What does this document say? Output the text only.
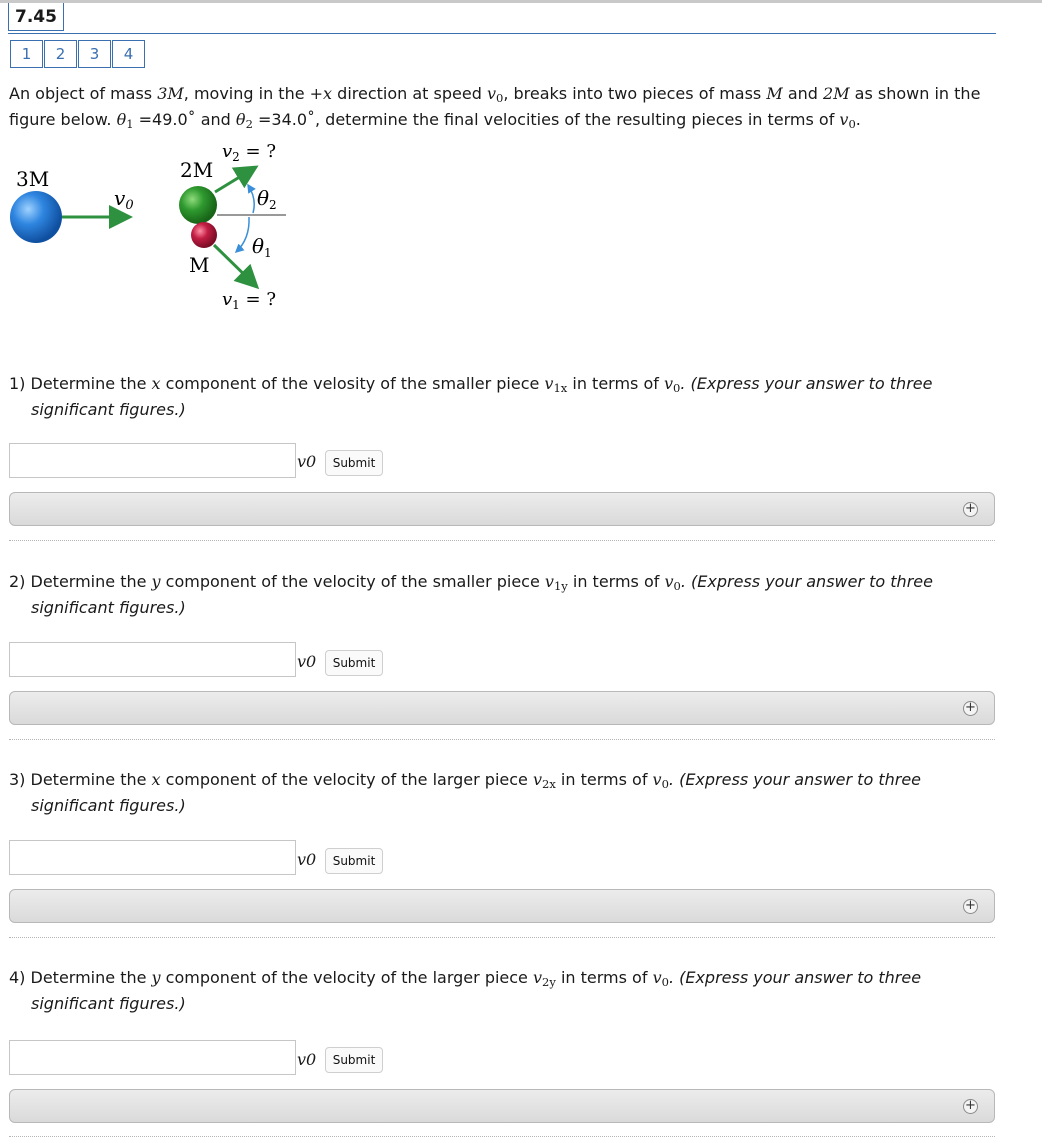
7.45
1	2	3	4
An object of mass 3M, moving in the +x direction at speed $v_0$, breaks into two pieces of mass M and 2M as shown in the figure below. $\theta_1$ =49.0˚ and $\theta_2$ =34.0˚, determine the final velocities of the resulting pieces in terms of $v_0$.
3M
$v_0$
2M
$v_2$ = ?
$\theta_2$
M
$\theta_1$
$v_1$ = ?
1) Determine the x component of the velosity of the smaller piece $v_{1x}$ in terms of $v_0$. (Express your answer to three
significant figures.)
v0	Submit
+
2) Determine the y component of the velocity of the smaller piece $v_{1y}$ in terms of $v_0$. (Express your answer to three
significant figures.)
v0	Submit
+
3) Determine the x component of the velocity of the larger piece $v_{2x}$ in terms of $v_0$. (Express your answer to three
significant figures.)
v0	Submit
+
4) Determine the y component of the velocity of the larger piece $v_{2y}$ in terms of $v_0$. (Express your answer to three
significant figures.)
v0	Submit
+
